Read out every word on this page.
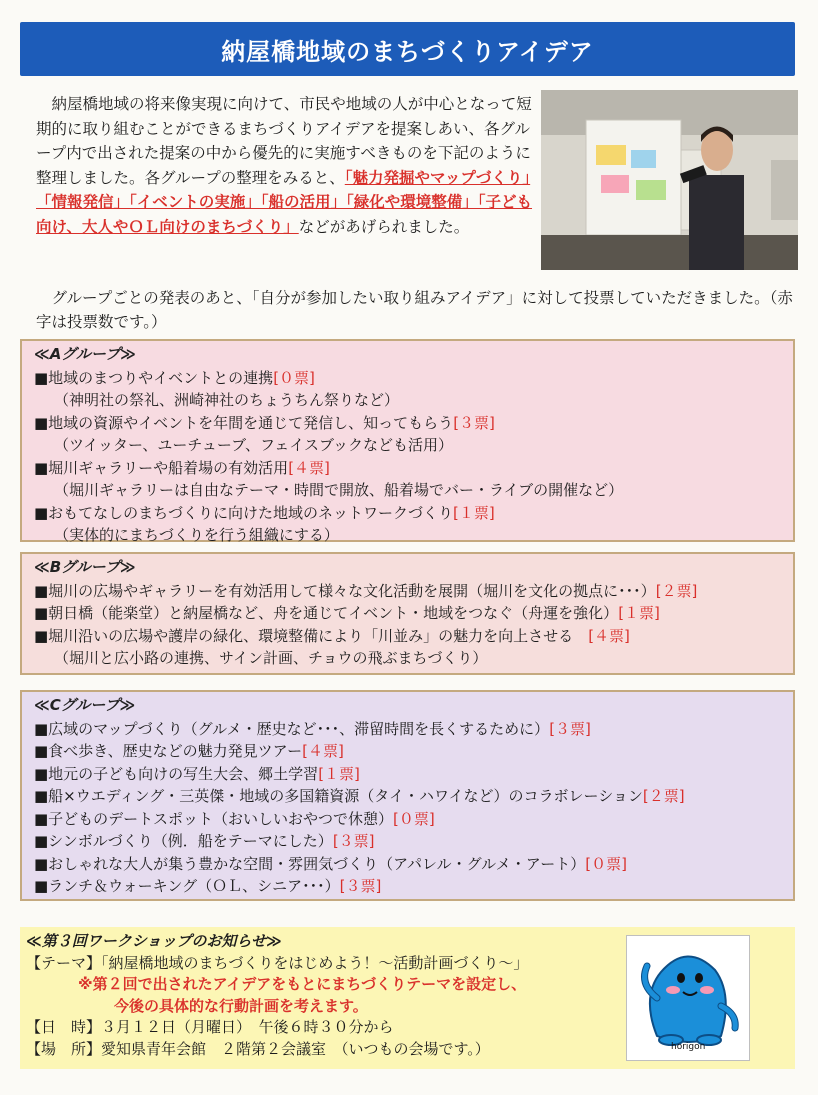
納屋橋地域のまちづくりアイデア

納屋橋地域の将来像実現に向けて、市民や地域の人が中心となって短期的に取り組むことができるまちづくりアイデアを提案しあい、各グループ内で出された提案の中から優先的に実施すべきものを下記のように整理しました。各グループの整理をみると、「魅力発掘やマップづくり」「情報発信」「イベントの実施」「船の活用」「緑化や環境整備」「子ども向け、大人やＯＬ向けのまちづくり」などがあげられました。

グループごとの発表のあと、「自分が参加したい取り組みアイデア」に対して投票していただきました。（赤字は投票数です。）

≪Aグループ≫
■地域のまつりやイベントとの連携[０票]
（神明社の祭礼、洲崎神社のちょうちん祭りなど）
■地域の資源やイベントを年間を通じて発信し、知ってもらう[３票]
（ツイッター、ユーチューブ、フェイスブックなども活用）
■堀川ギャラリーや船着場の有効活用[４票]
（堀川ギャラリーは自由なテーマ・時間で開放、船着場でバー・ライブの開催など）
■おもてなしのまちづくりに向けた地域のネットワークづくり[１票]
（実体的にまちづくりを行う組織にする）
≪Bグループ≫
■堀川の広場やギャラリーを有効活用して様々な文化活動を展開（堀川を文化の拠点に･･･）[２票]
■朝日橋（能楽堂）と納屋橋など、舟を通じてイベント・地域をつなぐ（舟運を強化）[１票]
■堀川沿いの広場や護岸の緑化、環境整備により「川並み」の魅力を向上させる　[４票]
（堀川と広小路の連携、サイン計画、チョウの飛ぶまちづくり）
≪Cグループ≫
■広域のマップづくり（グルメ・歴史など･･･、滞留時間を長くするために）[３票]
■食べ歩き、歴史などの魅力発見ツアー[４票]
■地元の子ども向けの写生大会、郷土学習[１票]
■船×ウエディング・三英傑・地域の多国籍資源（タイ・ハワイなど）のコラボレーション[２票]
■子どものデートスポット（おいしいおやつで休憩）[０票]
■シンボルづくり（例．船をテーマにした）[３票]
■おしゃれな大人が集う豊かな空間・雰囲気づくり（アパレル・グルメ・アート）[０票]
■ランチ＆ウォーキング（ＯＬ、シニア･･･）[３票]
≪第３回ワークショップのお知らせ≫
【テーマ】「納屋橋地域のまちづくりをはじめよう！～活動計画づくり～」
※第２回で出されたアイデアをもとにまちづくりテーマを設定し、
今後の具体的な行動計画を考えます。
【日　時】３月１２日（月曜日）　午後６時３０分から
【場　所】愛知県青年会館　２階第２会議室　（いつもの会場です。）	horigon
